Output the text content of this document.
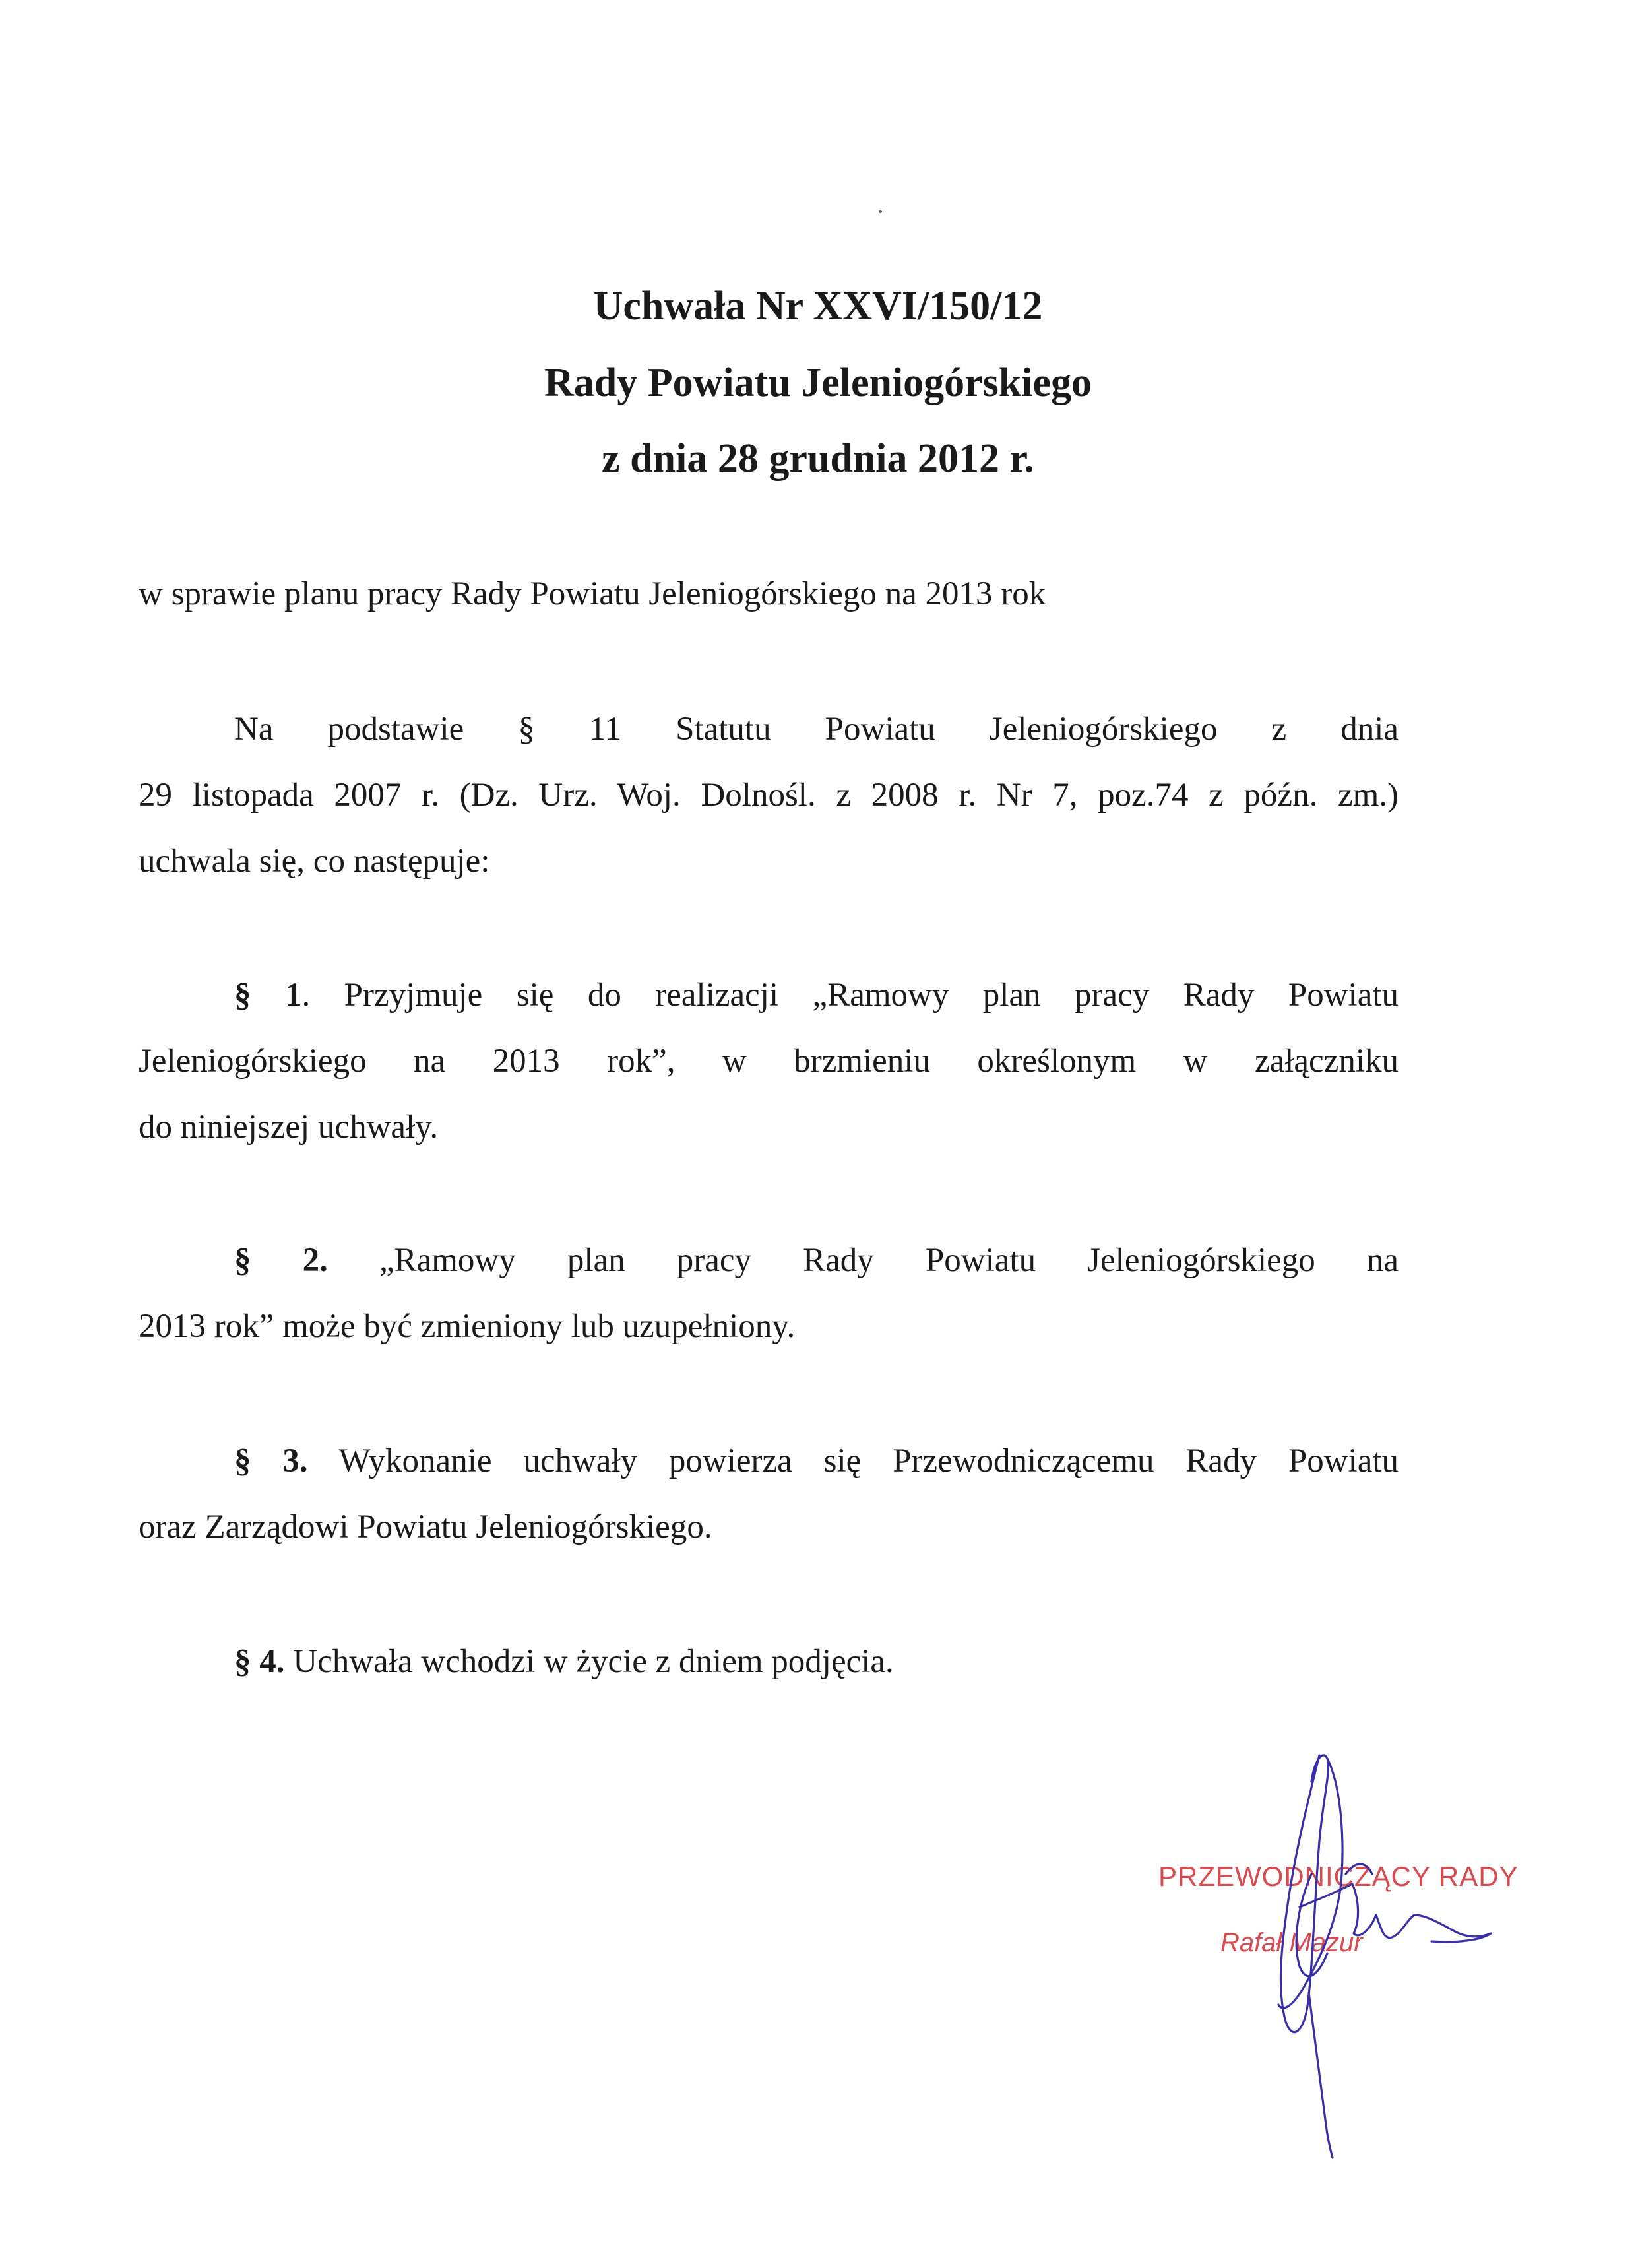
Uchwała Nr XXVI/150/12
Rady Powiatu Jeleniogórskiego
z dnia 28 grudnia 2012 r.
w sprawie planu pracy Rady Powiatu Jeleniogórskiego na 2013 rok
Na podstawie § 11 Statutu Powiatu Jeleniogórskiego z dnia
29 listopada 2007 r. (Dz. Urz. Woj. Dolnośl. z 2008 r. Nr 7, poz.74 z późn. zm.)
uchwala się, co następuje:
§ 1. Przyjmuje się do realizacji „Ramowy plan pracy Rady Powiatu
Jeleniogórskiego na 2013 rok”, w brzmieniu określonym w załączniku
do niniejszej uchwały.
§ 2. „Ramowy plan pracy Rady Powiatu Jeleniogórskiego na
2013 rok” może być zmieniony lub uzupełniony.
§ 3. Wykonanie uchwały powierza się Przewodniczącemu Rady Powiatu
oraz Zarządowi Powiatu Jeleniogórskiego.
§ 4. Uchwała wchodzi w życie z dniem podjęcia.
PRZEWODNICZĄCY RADY
Rafał Mazur
